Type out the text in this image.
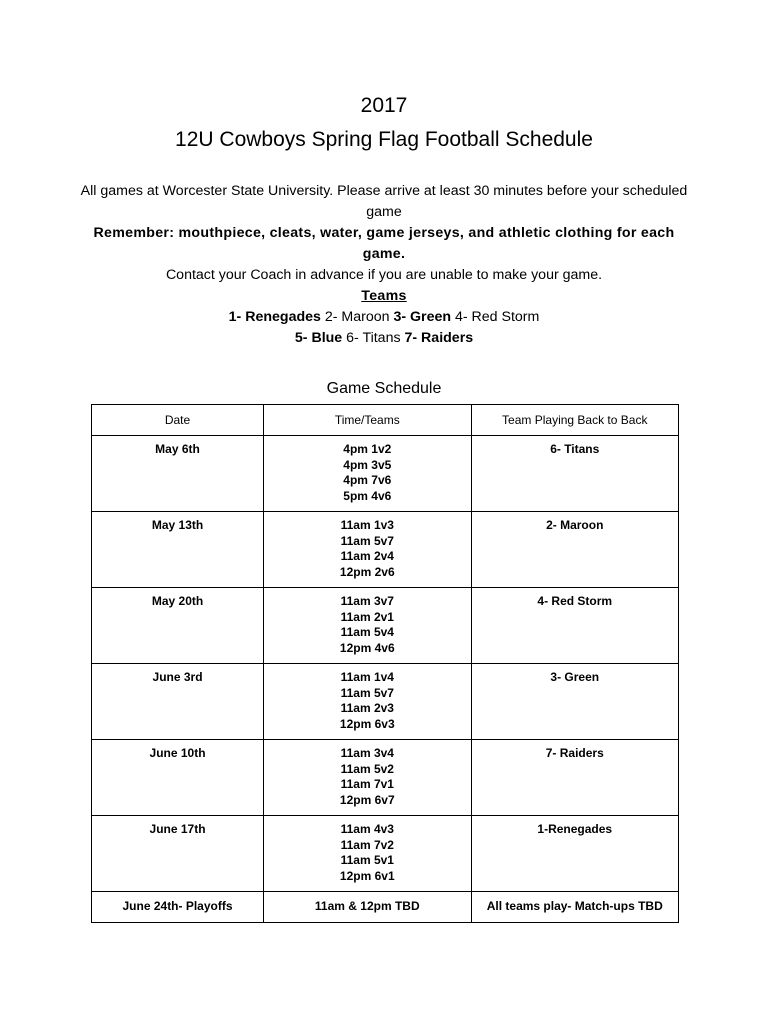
2017
12U Cowboys Spring Flag Football Schedule

All games at Worcester State University. Please arrive at least 30 minutes before your scheduled game

Remember: mouthpiece, cleats, water, game jerseys, and athletic clothing for each game.

Contact your Coach in advance if you are unable to make your game.

Teams

1- Renegades 2- Maroon 3- Green 4- Red Storm

5- Blue 6- Titans 7- Raiders

Game Schedule
Date	Time/Teams	Team Playing Back to Back
May 6th	4pm 1v2
4pm 3v5
4pm 7v6
5pm 4v6	6- Titans
May 13th	11am 1v3
11am 5v7
11am 2v4
12pm 2v6	2- Maroon
May 20th	11am 3v7
11am 2v1
11am 5v4
12pm 4v6	4- Red Storm
June 3rd	11am 1v4
11am 5v7
11am 2v3
12pm 6v3	3- Green
June 10th	11am 3v4
11am 5v2
11am 7v1
12pm 6v7	7- Raiders
June 17th	11am 4v3
11am 7v2
11am 5v1
12pm 6v1	1-Renegades
June 24th- Playoffs	11am & 12pm TBD	All teams play- Match-ups TBD
